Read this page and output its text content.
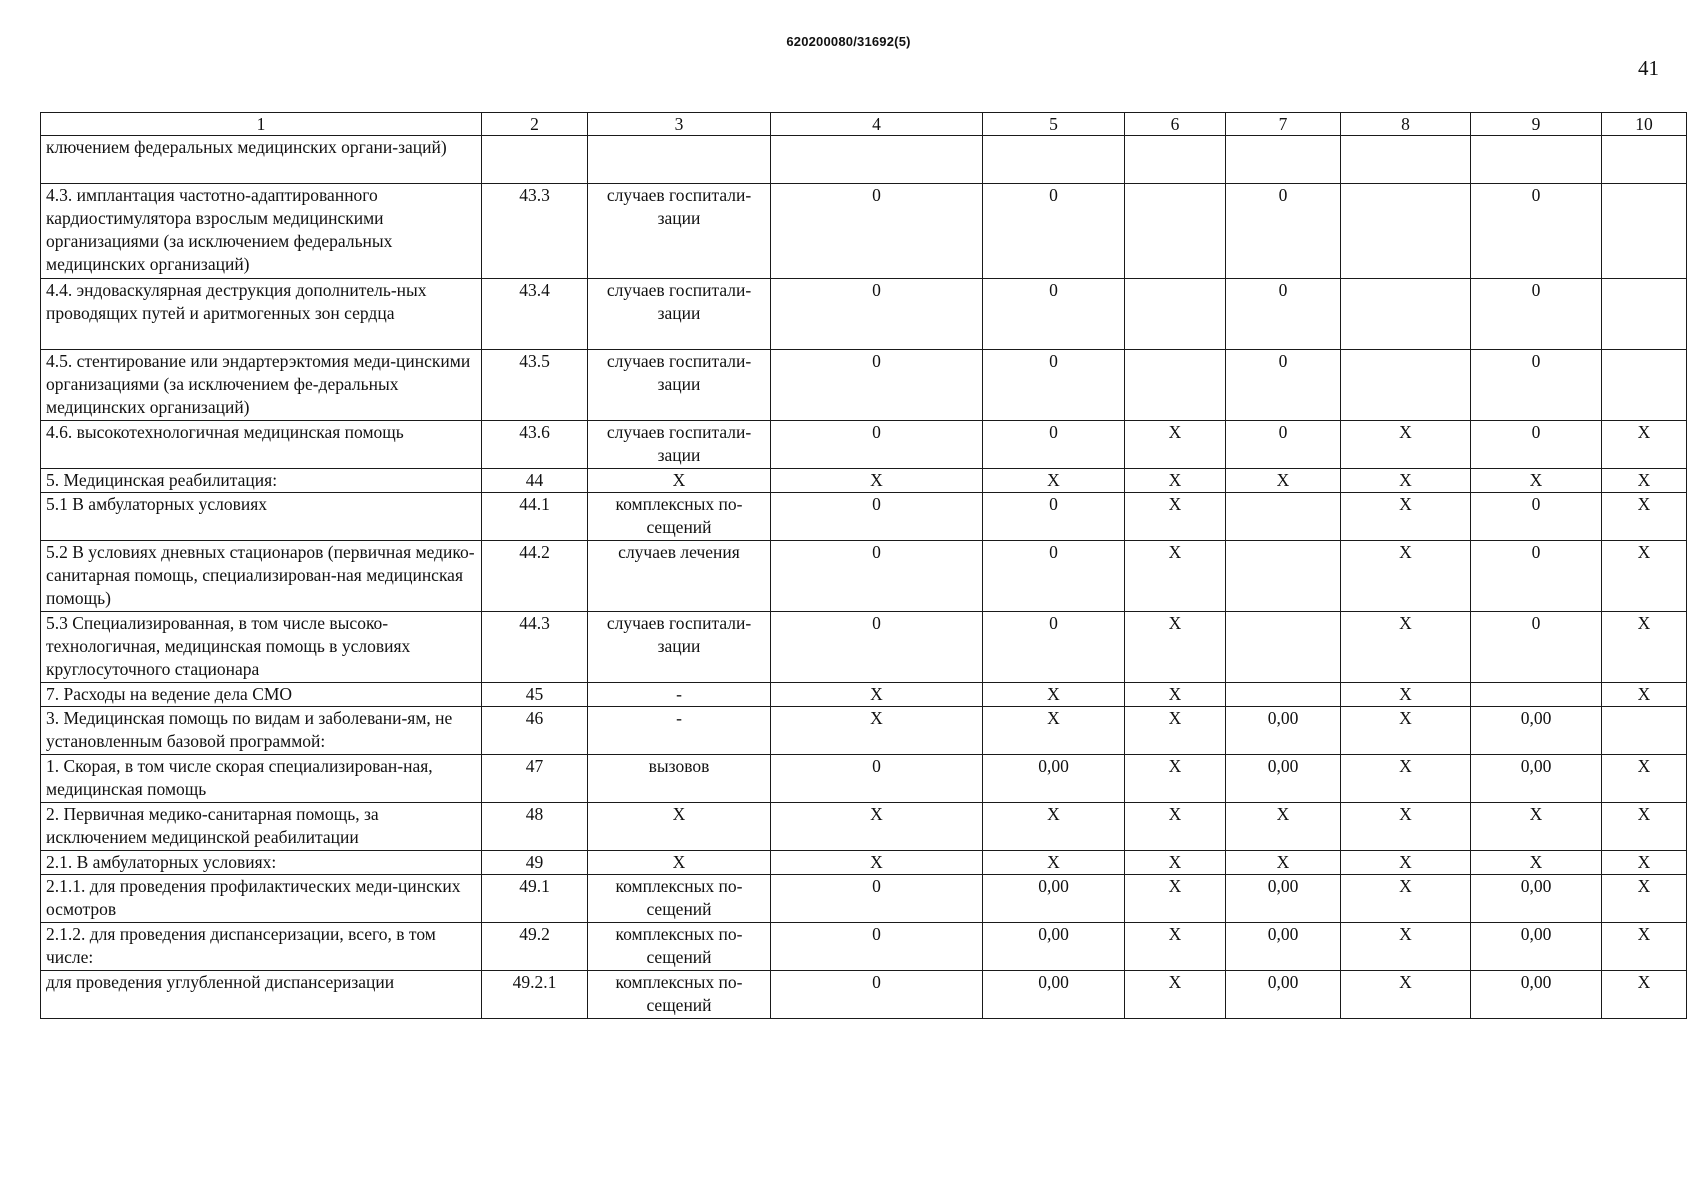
620200080/31692(5)
41
1	2	3	4	5	6	7	8	9	10
ключением федеральных медицинских органи-заций)									
4.3. имплантация частотно-адаптированного кардиостимулятора взрослым медицинскими организациями (за исключением федеральных медицинских организаций)	43.3	случаев госпитали-зации	0	0		0		0	
4.4. эндоваскулярная деструкция дополнитель-ных проводящих путей и аритмогенных зон сердца	43.4	случаев госпитали-зации	0	0		0		0	
4.5. стентирование или эндартерэктомия меди-цинскими организациями (за исключением фе-деральных медицинских организаций)	43.5	случаев госпитали-зации	0	0		0		0	
4.6. высокотехнологичная медицинская помощь	43.6	случаев госпитали-зации	0	0	X	0	X	0	X
5. Медицинская реабилитация:	44	X	X	X	X	X	X	X	X
5.1 В амбулаторных условиях	44.1	комплексных по-сещений	0	0	X		X	0	X
5.2 В условиях дневных стационаров (первичная медико-санитарная помощь, специализирован-ная медицинская помощь)	44.2	случаев лечения	0	0	X		X	0	X
5.3 Специализированная, в том числе высоко-технологичная, медицинская помощь в условиях круглосуточного стационара	44.3	случаев госпитали-зации	0	0	X		X	0	X
7. Расходы на ведение дела СМО	45	-	X	X	X		X		X
3. Медицинская помощь по видам и заболевани-ям, не установленным базовой программой:	46	-	X	X	X	0,00	X	0,00	
1. Скорая, в том числе скорая специализирован-ная, медицинская помощь	47	вызовов	0	0,00	X	0,00	X	0,00	X
2. Первичная медико-санитарная помощь, за исключением медицинской реабилитации	48	X	X	X	X	X	X	X	X
2.1. В амбулаторных условиях:	49	X	X	X	X	X	X	X	X
2.1.1. для проведения профилактических меди-цинских осмотров	49.1	комплексных по-сещений	0	0,00	X	0,00	X	0,00	X
2.1.2. для проведения диспансеризации, всего, в том числе:	49.2	комплексных по-сещений	0	0,00	X	0,00	X	0,00	X
для проведения углубленной диспансеризации	49.2.1	комплексных по-сещений	0	0,00	X	0,00	X	0,00	X
